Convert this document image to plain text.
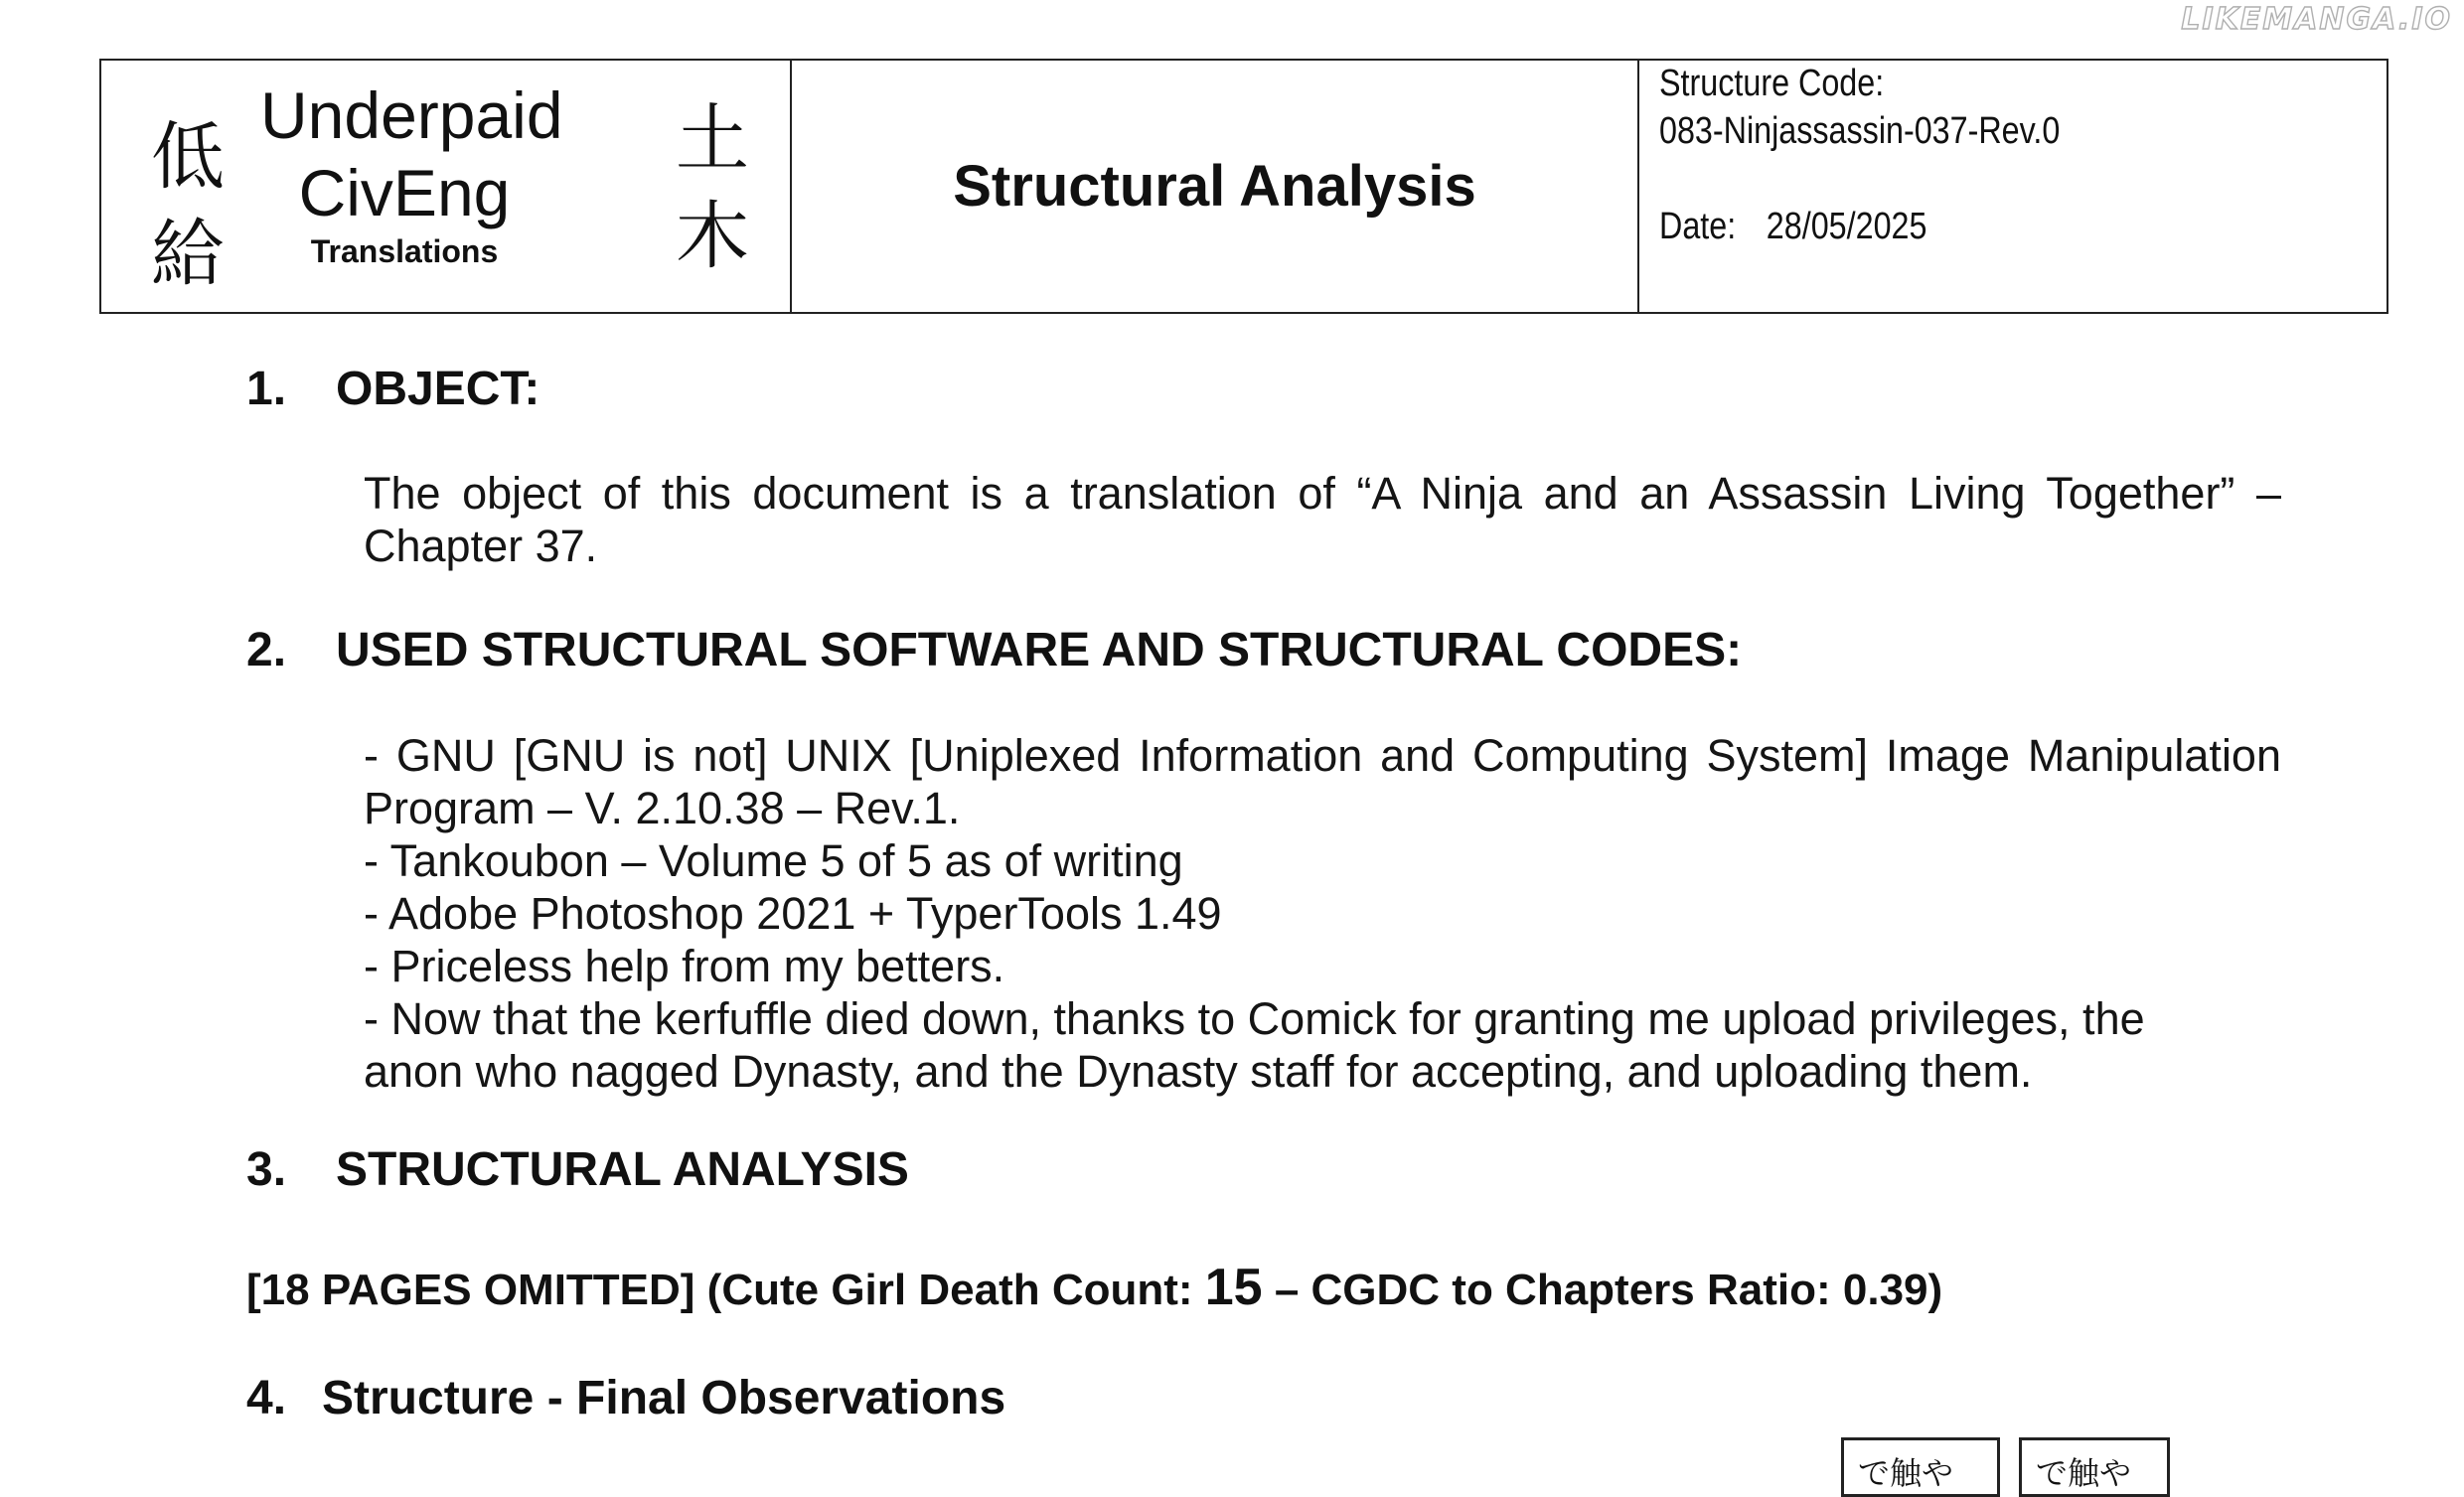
LIKEMANGA.IO
低
給
Underpaid
CivEng
Translations
土
木
Structural Analysis
Structure Code:
083-Ninjassassin-037-Rev.0
Date: 28/05/2025
1. OBJECT:
The object of this document is a translation of “A Ninja and an Assassin Living Together” – Chapter 37.
2. USED STRUCTURAL SOFTWARE AND STRUCTURAL CODES:
- GNU [GNU is not] UNIX [Uniplexed Information and Computing System] Image Manipulation Program – V. 2.10.38 – Rev.1.
- Tankoubon – Volume 5 of 5 as of writing
- Adobe Photoshop 2021 + TyperTools 1.49
- Priceless help from my betters.
- Now that the kerfuffle died down, thanks to Comick for granting me upload privileges, the anon who nagged Dynasty, and the Dynasty staff for accepting, and uploading them.
3. STRUCTURAL ANALYSIS
[18 PAGES OMITTED] (Cute Girl Death Count: 15 – CGDC to Chapters Ratio: 0.39)
4. Structure - Final Observations
で触や	で触や
